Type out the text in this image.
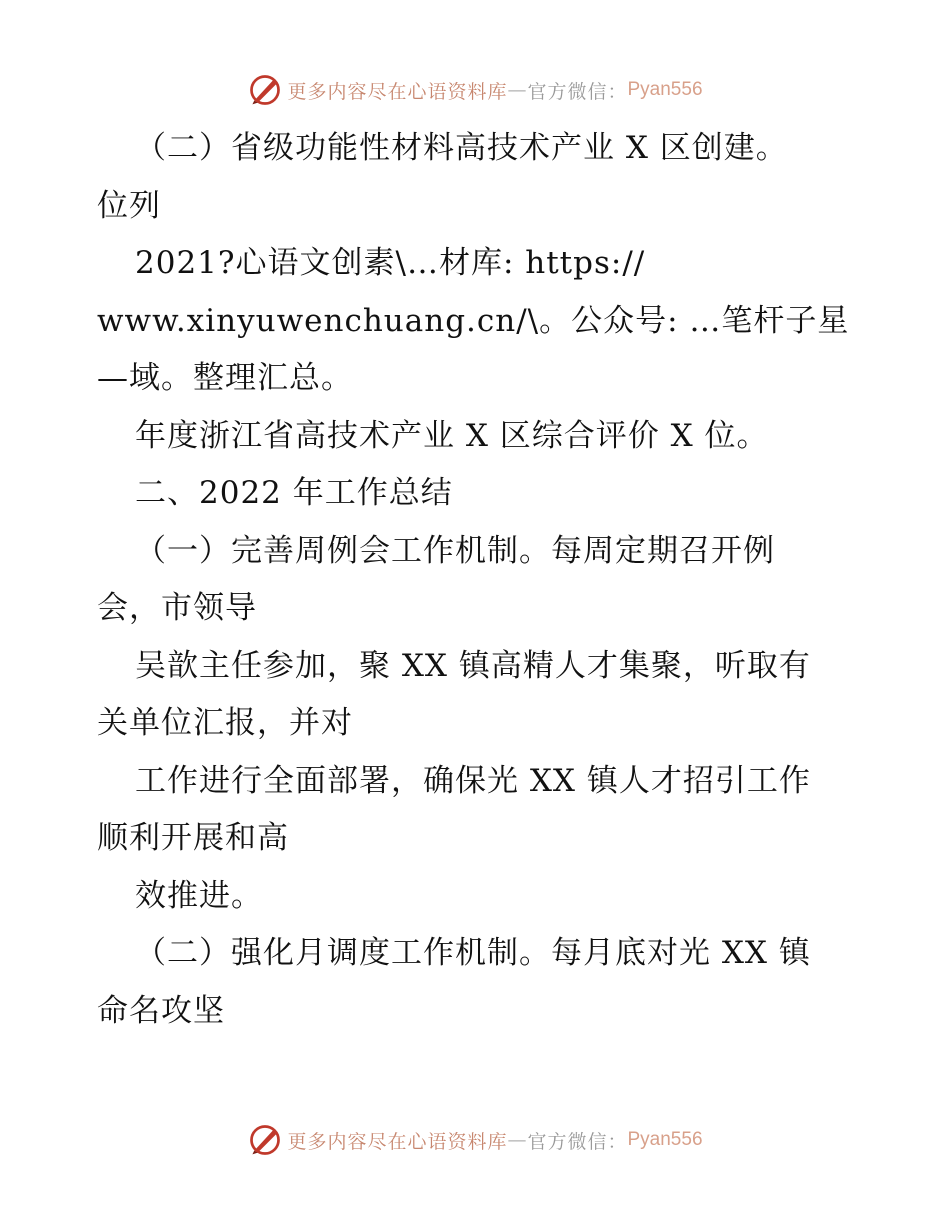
更多内容尽在心语资料库 — 官方微信： Pyan556
（二）省级功能性材料高技术产业 X 区创建。
位列
2021?心语文创素\…材库: https://
www.xinyuwenchuang.cn/\。公众号: …笔杆子星
—域。整理汇总。
年度浙江省高技术产业 X 区综合评价 X 位。
二、2022 年工作总结
（一）完善周例会工作机制。每周定期召开例
会，市领导
吴歆主任参加，聚 XX 镇高精人才集聚，听取有
关单位汇报，并对
工作进行全面部署，确保光 XX 镇人才招引工作
顺利开展和高
效推进。
（二）强化月调度工作机制。每月底对光 XX 镇
命名攻坚
更多内容尽在心语资料库 — 官方微信： Pyan556
